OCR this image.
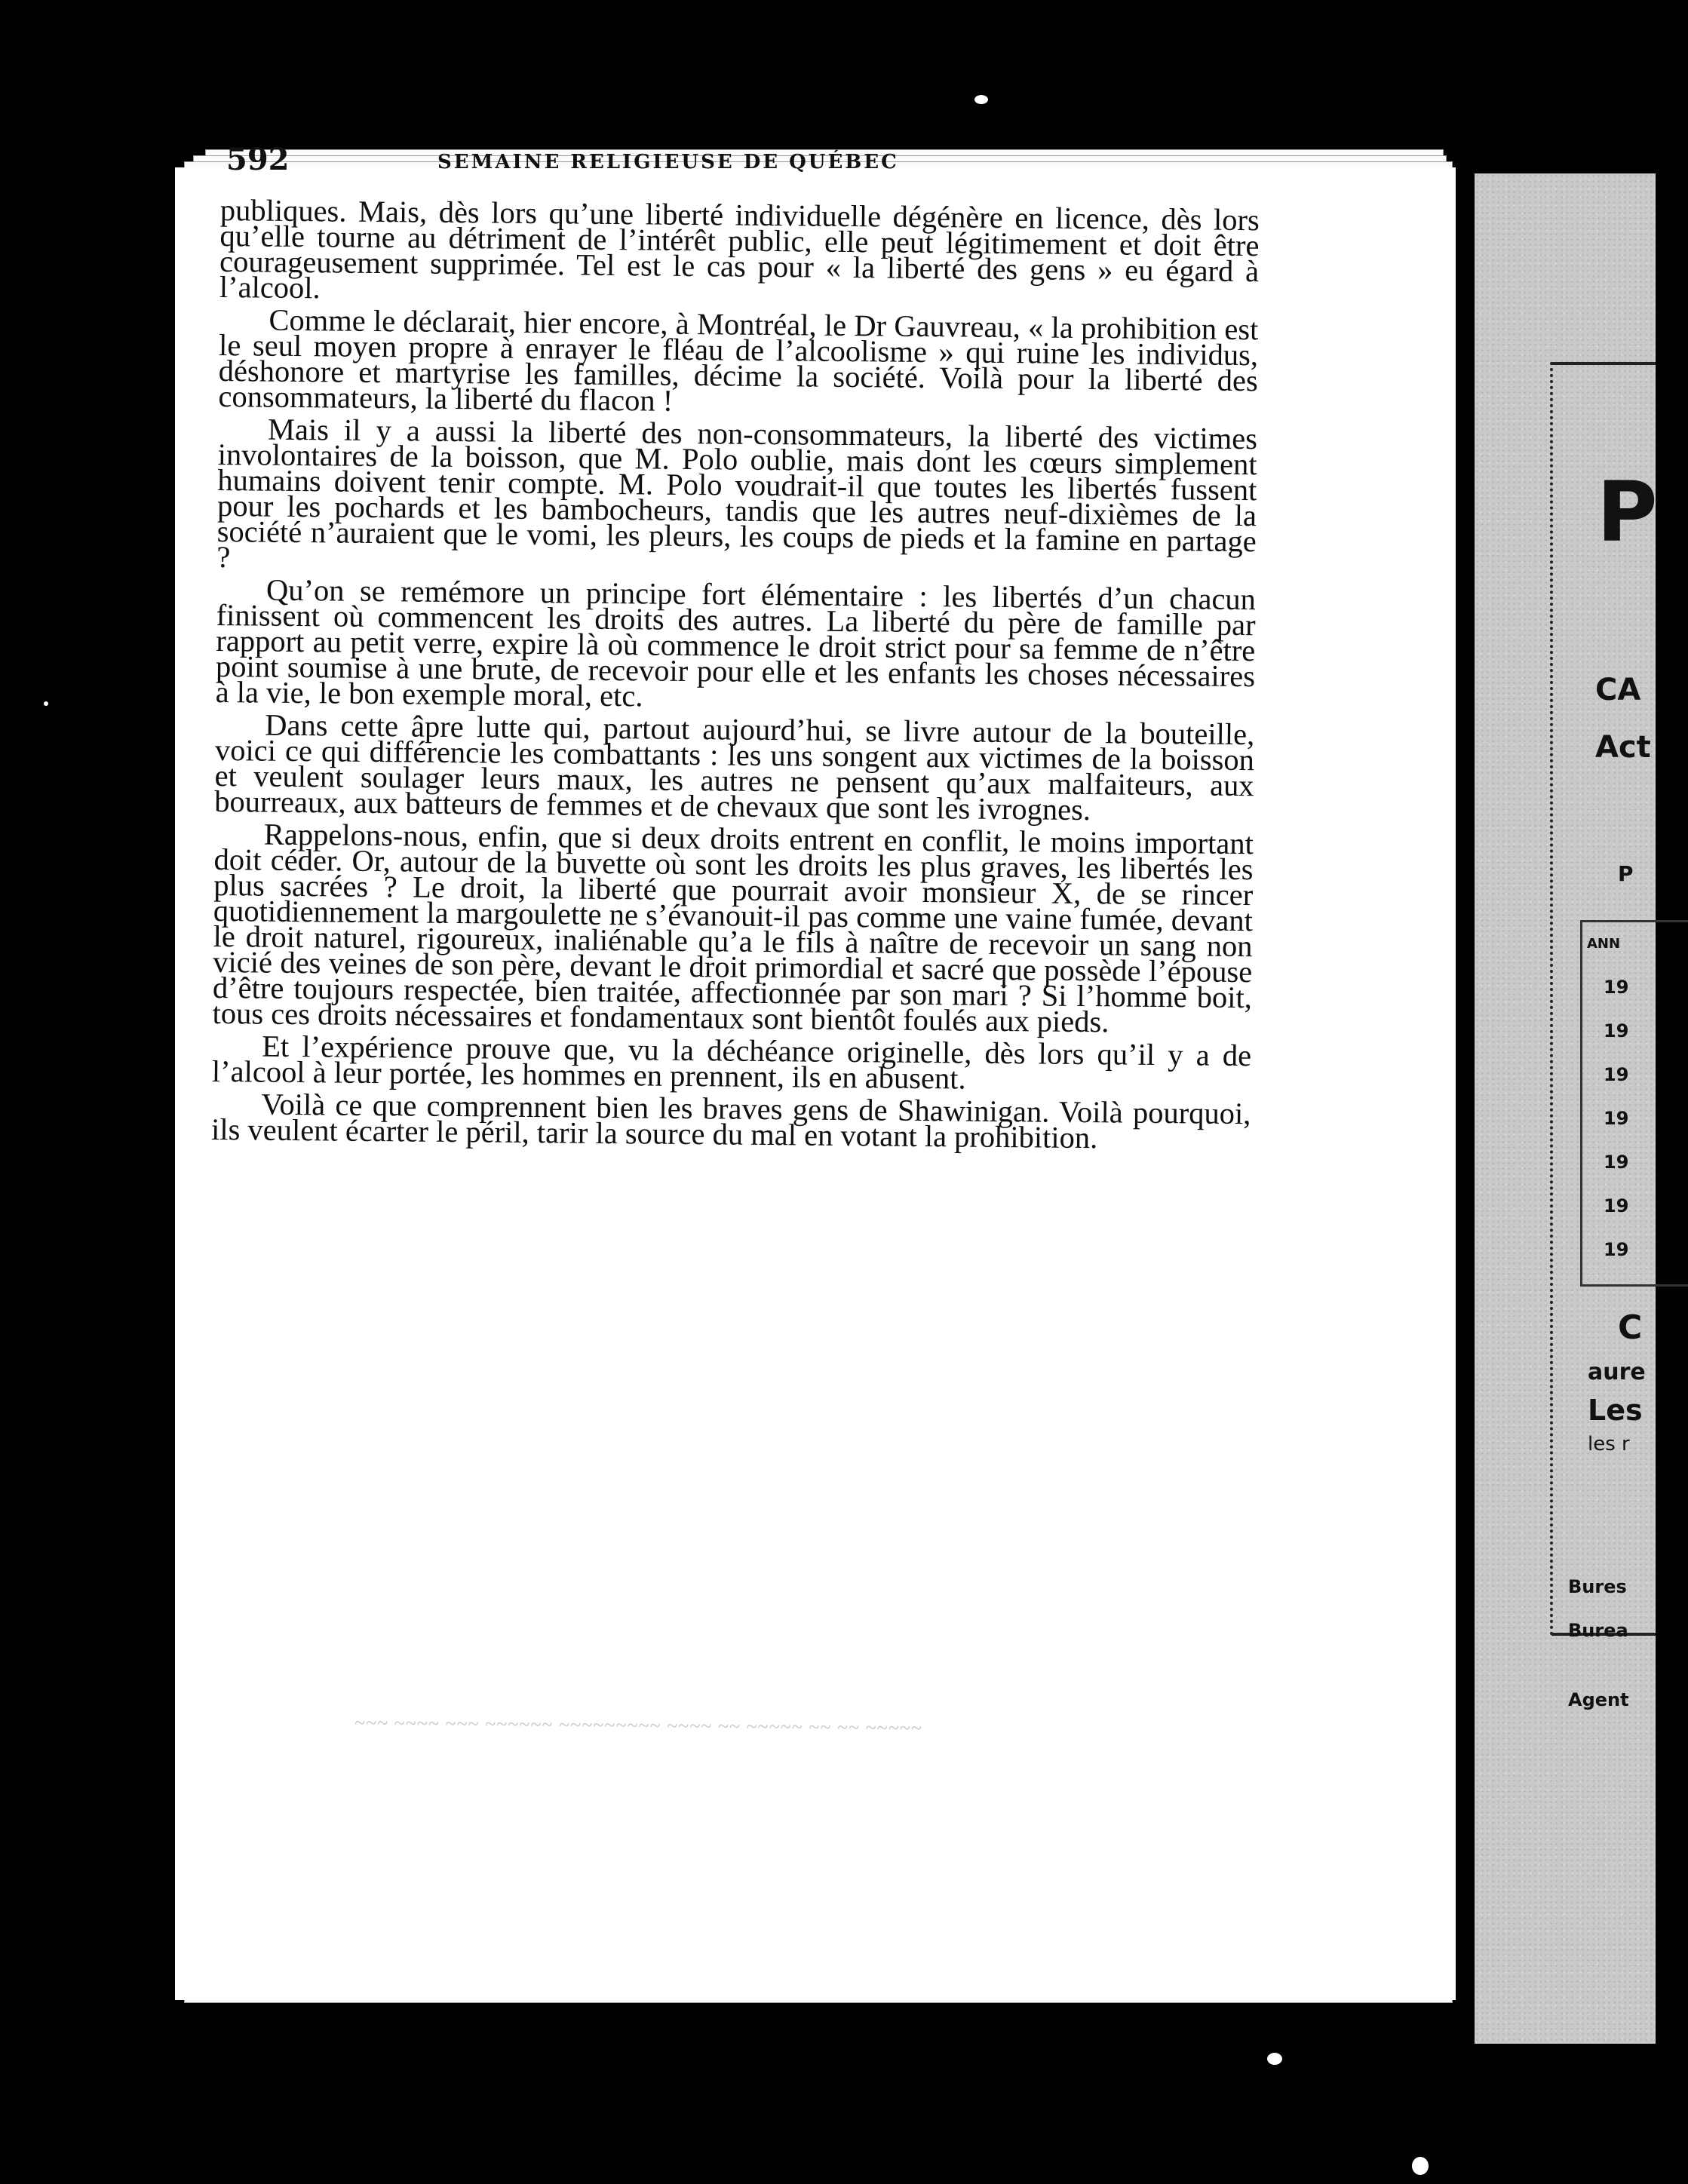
592	SEMAINE RELIGIEUSE DE QUÉBEC

publiques. Mais, dès lors qu’une liberté individuelle dégénère en licence, dès lors qu’elle tourne au détriment de l’intérêt public, elle peut légitimement et doit être courageusement supprimée. Tel est le cas pour « la liberté des gens » eu égard à l’alcool.

Comme le déclarait, hier encore, à Montréal, le Dr Gauvreau, « la prohibition est le seul moyen propre à enrayer le fléau de l’alcoolisme » qui ruine les individus, déshonore et martyrise les familles, décime la société. Voilà pour la liberté des consommateurs, la liberté du flacon !

Mais il y a aussi la liberté des non-consommateurs, la liberté des victimes involontaires de la boisson, que M. Polo oublie, mais dont les cœurs simplement humains doivent tenir compte. M. Polo voudrait-il que toutes les libertés fussent pour les pochards et les bambocheurs, tandis que les autres neuf-dixièmes de la société n’auraient que le vomi, les pleurs, les coups de pieds et la famine en partage ?

Qu’on se remémore un principe fort élémentaire : les libertés d’un chacun finissent où commencent les droits des autres. La liberté du père de famille par rapport au petit verre, expire là où commence le droit strict pour sa femme de n’être point soumise à une brute, de recevoir pour elle et les enfants les choses nécessaires à la vie, le bon exemple moral, etc.

Dans cette âpre lutte qui, partout aujourd’hui, se livre autour de la bouteille, voici ce qui différencie les combattants : les uns songent aux victimes de la boisson et veulent soulager leurs maux, les autres ne pensent qu’aux malfaiteurs, aux bourreaux, aux batteurs de femmes et de chevaux que sont les ivrognes.

Rappelons-nous, enfin, que si deux droits entrent en conflit, le moins important doit céder. Or, autour de la buvette où sont les droits les plus graves, les libertés les plus sacrées ? Le droit, la liberté que pourrait avoir monsieur X, de se rincer quotidiennement la margoulette ne s’évanouit-il pas comme une vaine fumée, devant le droit naturel, rigoureux, inaliénable qu’a le fils à naître de recevoir un sang non vicié des veines de son père, devant le droit primordial et sacré que possède l’épouse d’être toujours respectée, bien traitée, affectionnée par son mari ? Si l’homme boit, tous ces droits nécessaires et fondamentaux sont bientôt foulés aux pieds.

Et l’expérience prouve que, vu la déchéance originelle, dès lors qu’il y a de l’alcool à leur portée, les hommes en prennent, ils en abusent.

Voilà ce que comprennent bien les braves gens de Shawinigan. Voilà pourquoi, ils veulent écarter le péril, tarir la source du mal en votant la prohibition.

~~~ ~~~~ ~~~ ~~~~~~ ~~~~~~~~~ ~~~~ ~~ ~~~~~ ~~ ~~ ~~~~~
P
CA
Act
P
ANN
19
19
19
19
19
19
19
C
aure
Les
les r
Bures
Burea
Agent
